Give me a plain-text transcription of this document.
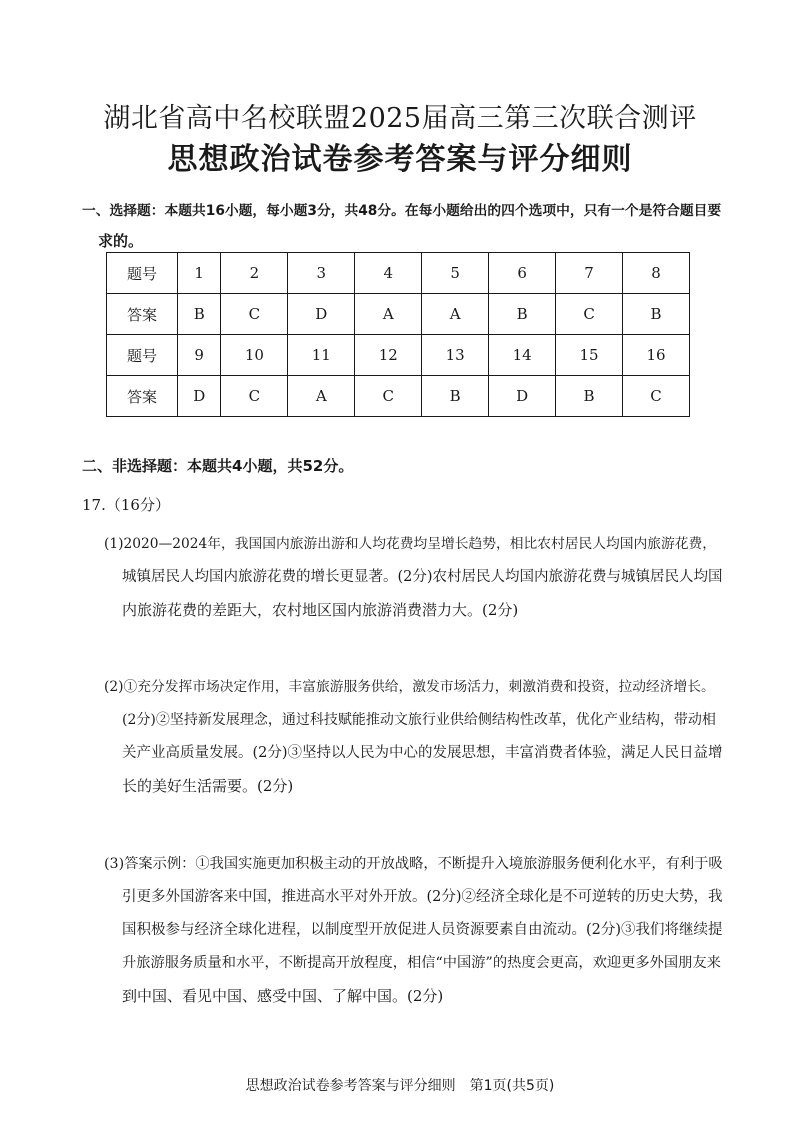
湖北省高中名校联盟2025届高三第三次联合测评
思想政治试卷参考答案与评分细则
一、选择题：本题共16小题，每小题3分，共48分。在每小题给出的四个选项中，只有一个是符合题目要
求的。
题号	1	2	3	4	5	6	7	8
答案	B	C	D	A	A	B	C	B
题号	9	10	11	12	13	14	15	16
答案	D	C	A	C	B	D	B	C
二、非选择题：本题共4小题，共52分。
17.（16分）
(1)2020—2024年，我国国内旅游出游和人均花费均呈增长趋势，相比农村居民人均国内旅游花费，
城镇居民人均国内旅游花费的增长更显著。(2分)农村居民人均国内旅游花费与城镇居民人均国
内旅游花费的差距大，农村地区国内旅游消费潜力大。(2分)
(2)①充分发挥市场决定作用，丰富旅游服务供给，激发市场活力，刺激消费和投资，拉动经济增长。
(2分)②坚持新发展理念，通过科技赋能推动文旅行业供给侧结构性改革，优化产业结构，带动相
关产业高质量发展。(2分)③坚持以人民为中心的发展思想，丰富消费者体验，满足人民日益增
长的美好生活需要。(2分)
(3)答案示例：①我国实施更加积极主动的开放战略，不断提升入境旅游服务便利化水平，有利于吸
引更多外国游客来中国，推进高水平对外开放。(2分)②经济全球化是不可逆转的历史大势，我
国积极参与经济全球化进程，以制度型开放促进人员资源要素自由流动。(2分)③我们将继续提
升旅游服务质量和水平，不断提高开放程度，相信“中国游”的热度会更高，欢迎更多外国朋友来
到中国、看见中国、感受中国、了解中国。(2分)
思想政治试卷参考答案与评分细则　第1页(共5页)
